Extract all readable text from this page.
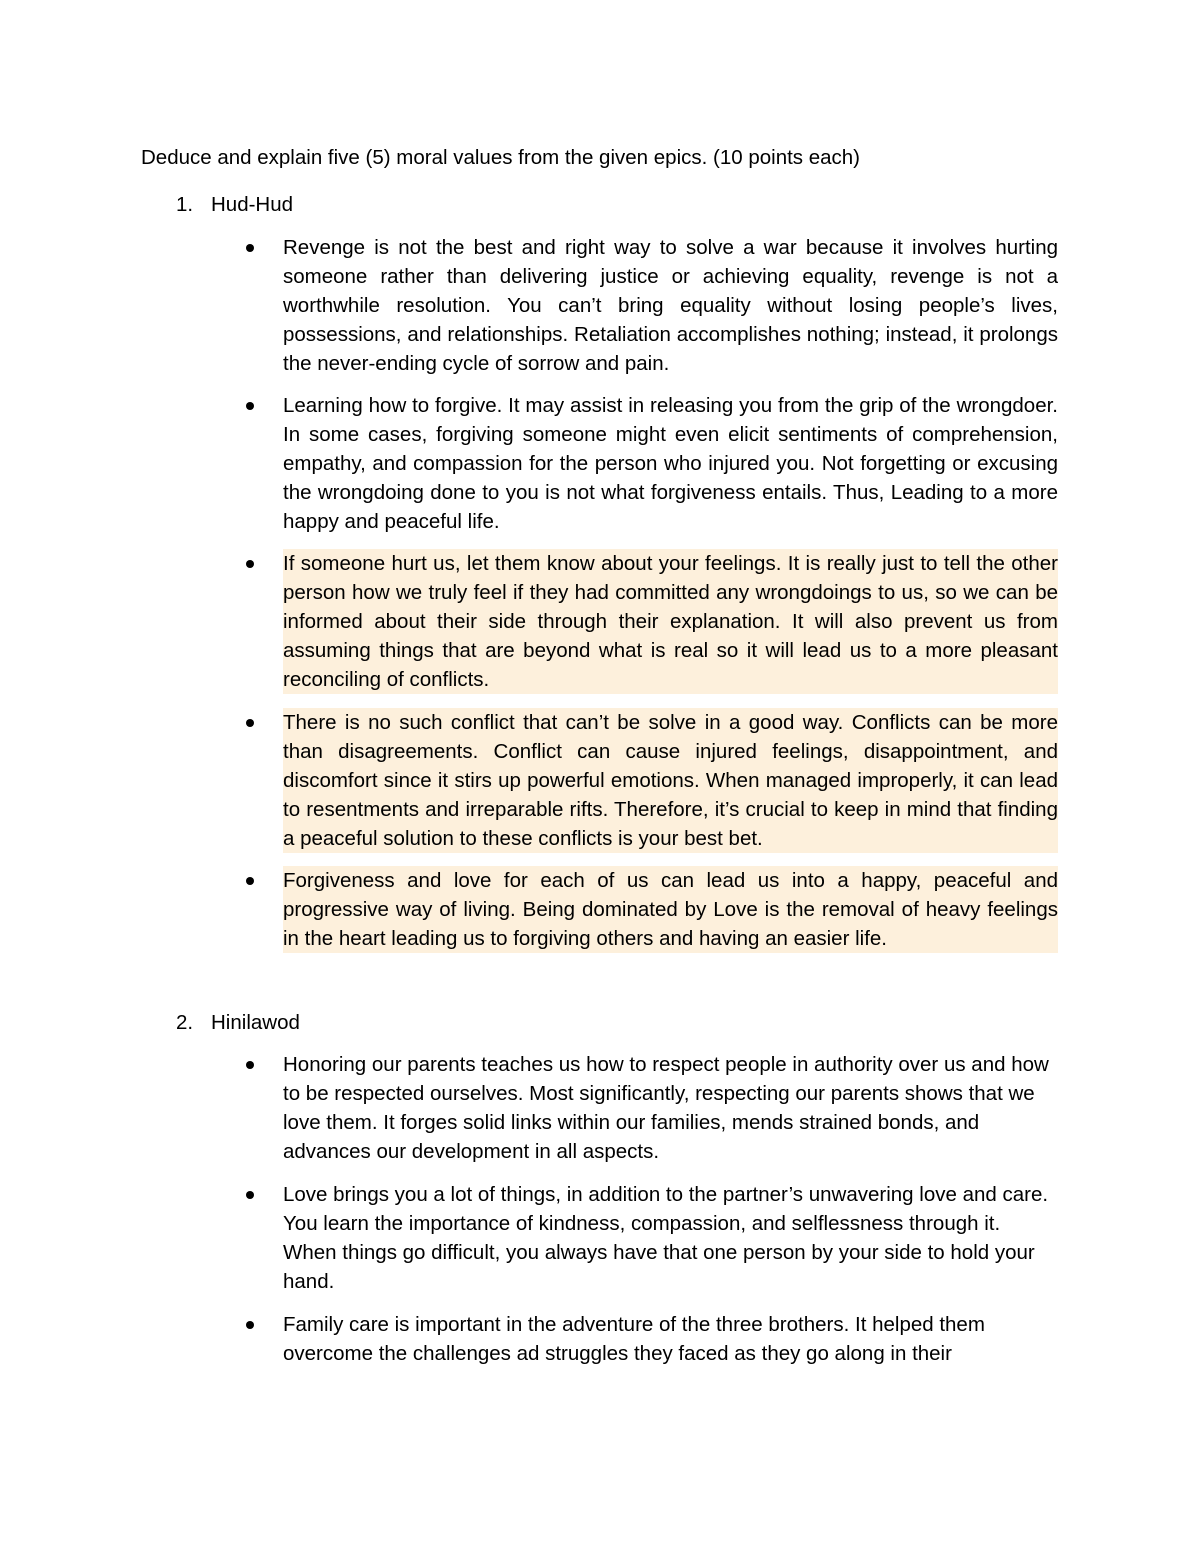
Deduce and explain five (5) moral values from the given epics. (10 points each)
1. Hud-Hud
Revenge is not the best and right way to solve a war because it involves hurting someone rather than delivering justice or achieving equality, revenge is not a worthwhile resolution. You can’t bring equality without losing people’s lives, possessions, and relationships. Retaliation accomplishes nothing; instead, it prolongs the never-ending cycle of sorrow and pain.
Learning how to forgive. It may assist in releasing you from the grip of the wrongdoer. In some cases, forgiving someone might even elicit sentiments of comprehension, empathy, and compassion for the person who injured you. Not forgetting or excusing the wrongdoing done to you is not what forgiveness entails. Thus, Leading to a more happy and peaceful life.
If someone hurt us, let them know about your feelings. It is really just to tell the other person how we truly feel if they had committed any wrongdoings to us, so we can be informed about their side through their explanation. It will also prevent us from assuming things that are beyond what is real so it will lead us to a more pleasant reconciling of conflicts.
There is no such conflict that can’t be solve in a good way. Conflicts can be more than disagreements. Conflict can cause injured feelings, disappointment, and discomfort since it stirs up powerful emotions. When managed improperly, it can lead to resentments and irreparable rifts. Therefore, it’s crucial to keep in mind that finding a peaceful solution to these conflicts is your best bet.
Forgiveness and love for each of us can lead us into a happy, peaceful and progressive way of living. Being dominated by Love is the removal of heavy feelings in the heart leading us to forgiving others and having an easier life.
2. Hinilawod
Honoring our parents teaches us how to respect people in authority over us and how to be respected ourselves. Most significantly, respecting our parents shows that we love them. It forges solid links within our families, mends strained bonds, and advances our development in all aspects.
Love brings you a lot of things, in addition to the partner’s unwavering love and care. You learn the importance of kindness, compassion, and selflessness through it. When things go difficult, you always have that one person by your side to hold your hand.
Family care is important in the adventure of the three brothers. It helped them overcome the challenges ad struggles they faced as they go along in their
